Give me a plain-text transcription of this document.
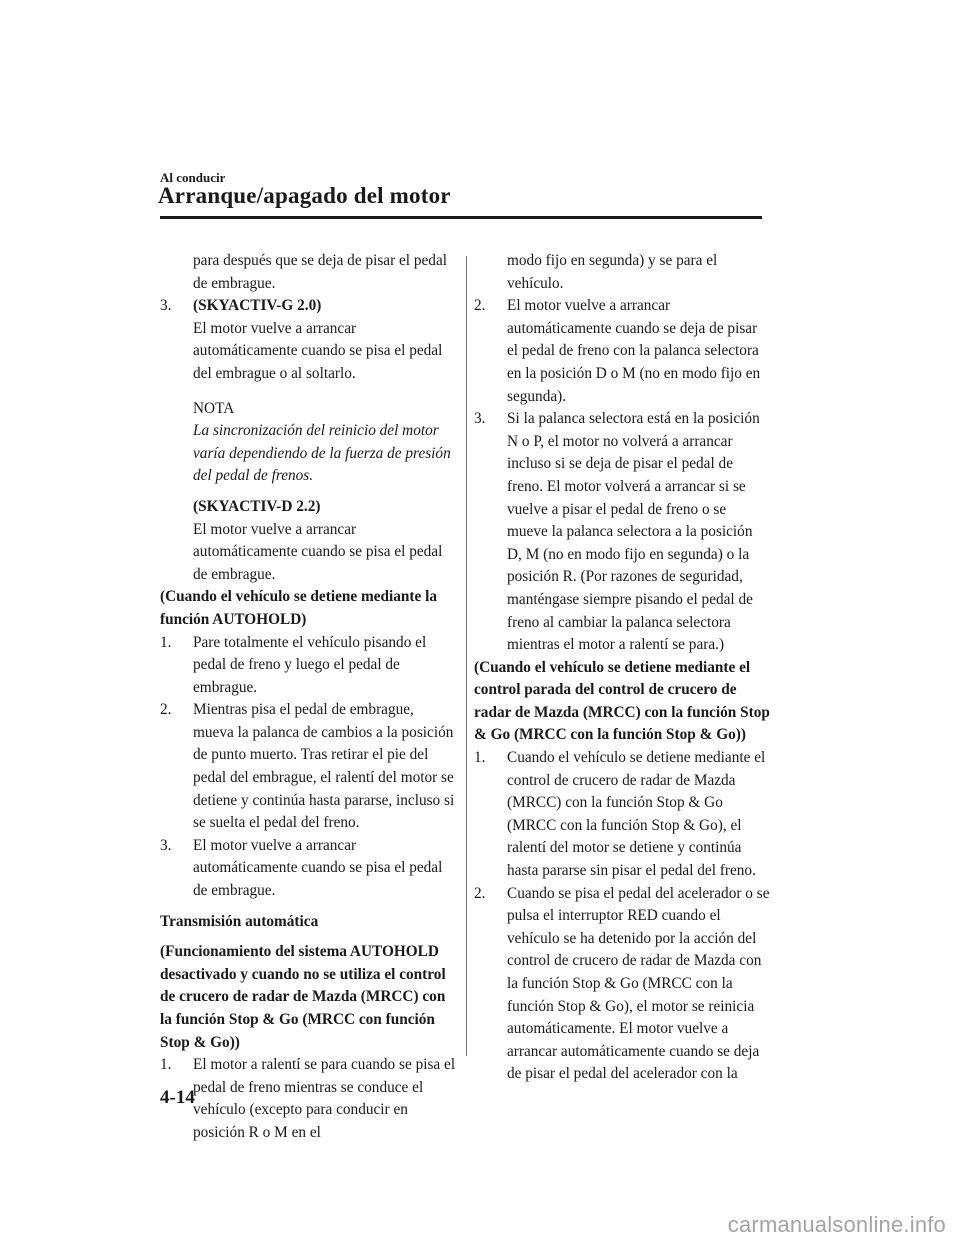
Al conducir
Arranque/apagado del motor

para después que se deja de pisar el pedal de embrague.

3. (SKYACTIV-G 2.0)

El motor vuelve a arrancar automáticamente cuando se pisa el pedal del embrague o al soltarlo.

NOTA

La sincronización del reinicio del motor varía dependiendo de la fuerza de presión del pedal de frenos.

(SKYACTIV-D 2.2)

El motor vuelve a arrancar automáticamente cuando se pisa el pedal de embrague.

(Cuando el vehículo se detiene mediante la función AUTOHOLD)

1. Pare totalmente el vehículo pisando el pedal de freno y luego el pedal de embrague.
2. Mientras pisa el pedal de embrague, mueva la palanca de cambios a la posición de punto muerto. Tras retirar el pie del pedal del embrague, el ralentí del motor se detiene y continúa hasta pararse, incluso si se suelta el pedal del freno.
3. El motor vuelve a arrancar automáticamente cuando se pisa el pedal de embrague.

Transmisión automática

(Funcionamiento del sistema AUTOHOLD desactivado y cuando no se utiliza el control de crucero de radar de Mazda (MRCC) con la función Stop & Go (MRCC con función Stop & Go))

1. El motor a ralentí se para cuando se pisa el pedal de freno mientras se conduce el vehículo (excepto para conducir en posición R o M en el

modo fijo en segunda) y se para el vehículo.

2. El motor vuelve a arrancar automáticamente cuando se deja de pisar el pedal de freno con la palanca selectora en la posición D o M (no en modo fijo en segunda).
3. Si la palanca selectora está en la posición N o P, el motor no volverá a arrancar incluso si se deja de pisar el pedal de freno. El motor volverá a arrancar si se vuelve a pisar el pedal de freno o se mueve la palanca selectora a la posición D, M (no en modo fijo en segunda) o la posición R. (Por razones de seguridad, manténgase siempre pisando el pedal de freno al cambiar la palanca selectora mientras el motor a ralentí se para.)

(Cuando el vehículo se detiene mediante el control parada del control de crucero de radar de Mazda (MRCC) con la función Stop & Go (MRCC con la función Stop & Go))

1. Cuando el vehículo se detiene mediante el control de crucero de radar de Mazda (MRCC) con la función Stop & Go (MRCC con la función Stop & Go), el ralentí del motor se detiene y continúa hasta pararse sin pisar el pedal del freno.
2. Cuando se pisa el pedal del acelerador o se pulsa el interruptor RED cuando el vehículo se ha detenido por la acción del control de crucero de radar de Mazda con la función Stop & Go (MRCC con la función Stop & Go), el motor se reinicia automáticamente. El motor vuelve a arrancar automáticamente cuando se deja de pisar el pedal del acelerador con la
4-14
carmanualsonline.info
